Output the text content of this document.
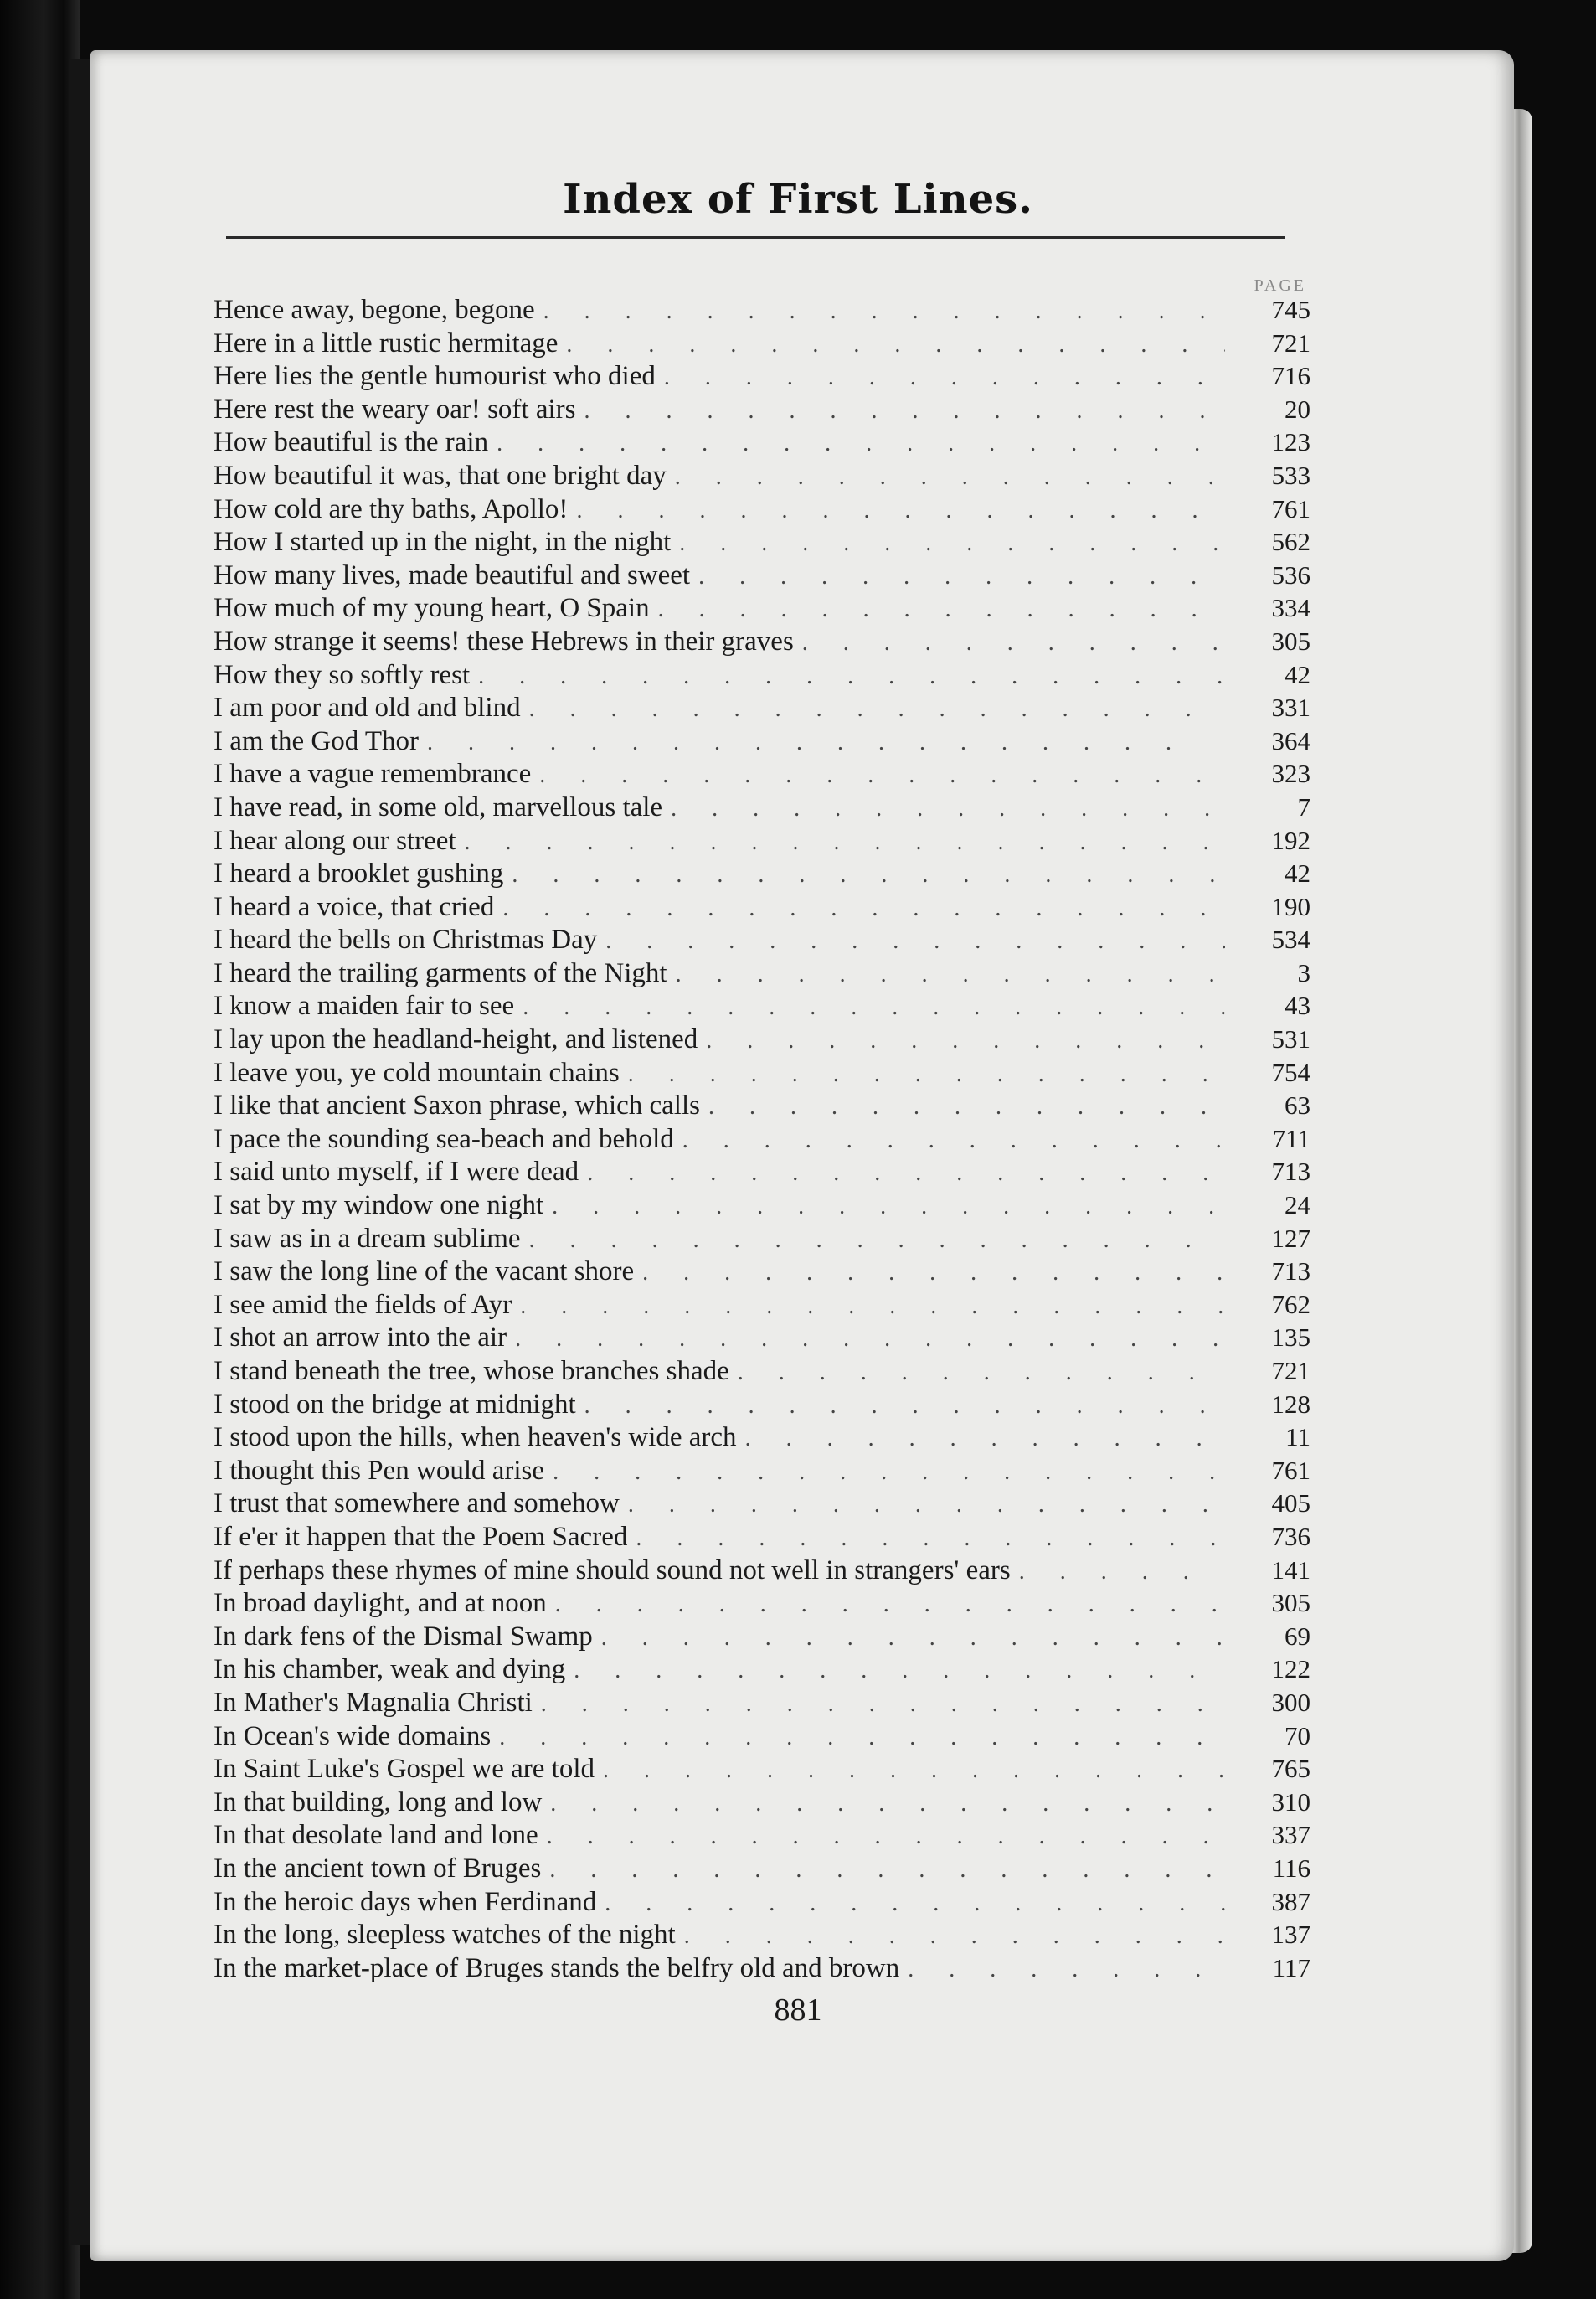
Index of First Lines.
PAGE
Hence away, begone, begone .	745
Here in a little rustic hermitage .	721
Here lies the gentle humourist who died .	716
Here rest the weary oar! soft airs .	20
How beautiful is the rain .	123
How beautiful it was, that one bright day .	533
How cold are thy baths, Apollo! .	761
How I started up in the night, in the night .	562
How many lives, made beautiful and sweet .	536
How much of my young heart, O Spain .	334
How strange it seems! these Hebrews in their graves .	305
How they so softly rest .	42
I am poor and old and blind .	331
I am the God Thor .	364
I have a vague remembrance .	323
I have read, in some old, marvellous tale .	7
I hear along our street .	192
I heard a brooklet gushing .	42
I heard a voice, that cried .	190
I heard the bells on Christmas Day .	534
I heard the trailing garments of the Night .	3
I know a maiden fair to see .	43
I lay upon the headland-height, and listened .	531
I leave you, ye cold mountain chains .	754
I like that ancient Saxon phrase, which calls .	63
I pace the sounding sea-beach and behold .	711
I said unto myself, if I were dead .	713
I sat by my window one night .	24
I saw as in a dream sublime .	127
I saw the long line of the vacant shore .	713
I see amid the fields of Ayr .	762
I shot an arrow into the air .	135
I stand beneath the tree, whose branches shade .	721
I stood on the bridge at midnight .	128
I stood upon the hills, when heaven's wide arch .	11
I thought this Pen would arise .	761
I trust that somewhere and somehow .	405
If e'er it happen that the Poem Sacred .	736
If perhaps these rhymes of mine should sound not well in strangers' ears .	141
In broad daylight, and at noon .	305
In dark fens of the Dismal Swamp .	69
In his chamber, weak and dying .	122
In Mather's Magnalia Christi .	300
In Ocean's wide domains .	70
In Saint Luke's Gospel we are told .	765
In that building, long and low .	310
In that desolate land and lone .	337
In the ancient town of Bruges .	116
In the heroic days when Ferdinand .	387
In the long, sleepless watches of the night .	137
In the market-place of Bruges stands the belfry old and brown .	117
881
